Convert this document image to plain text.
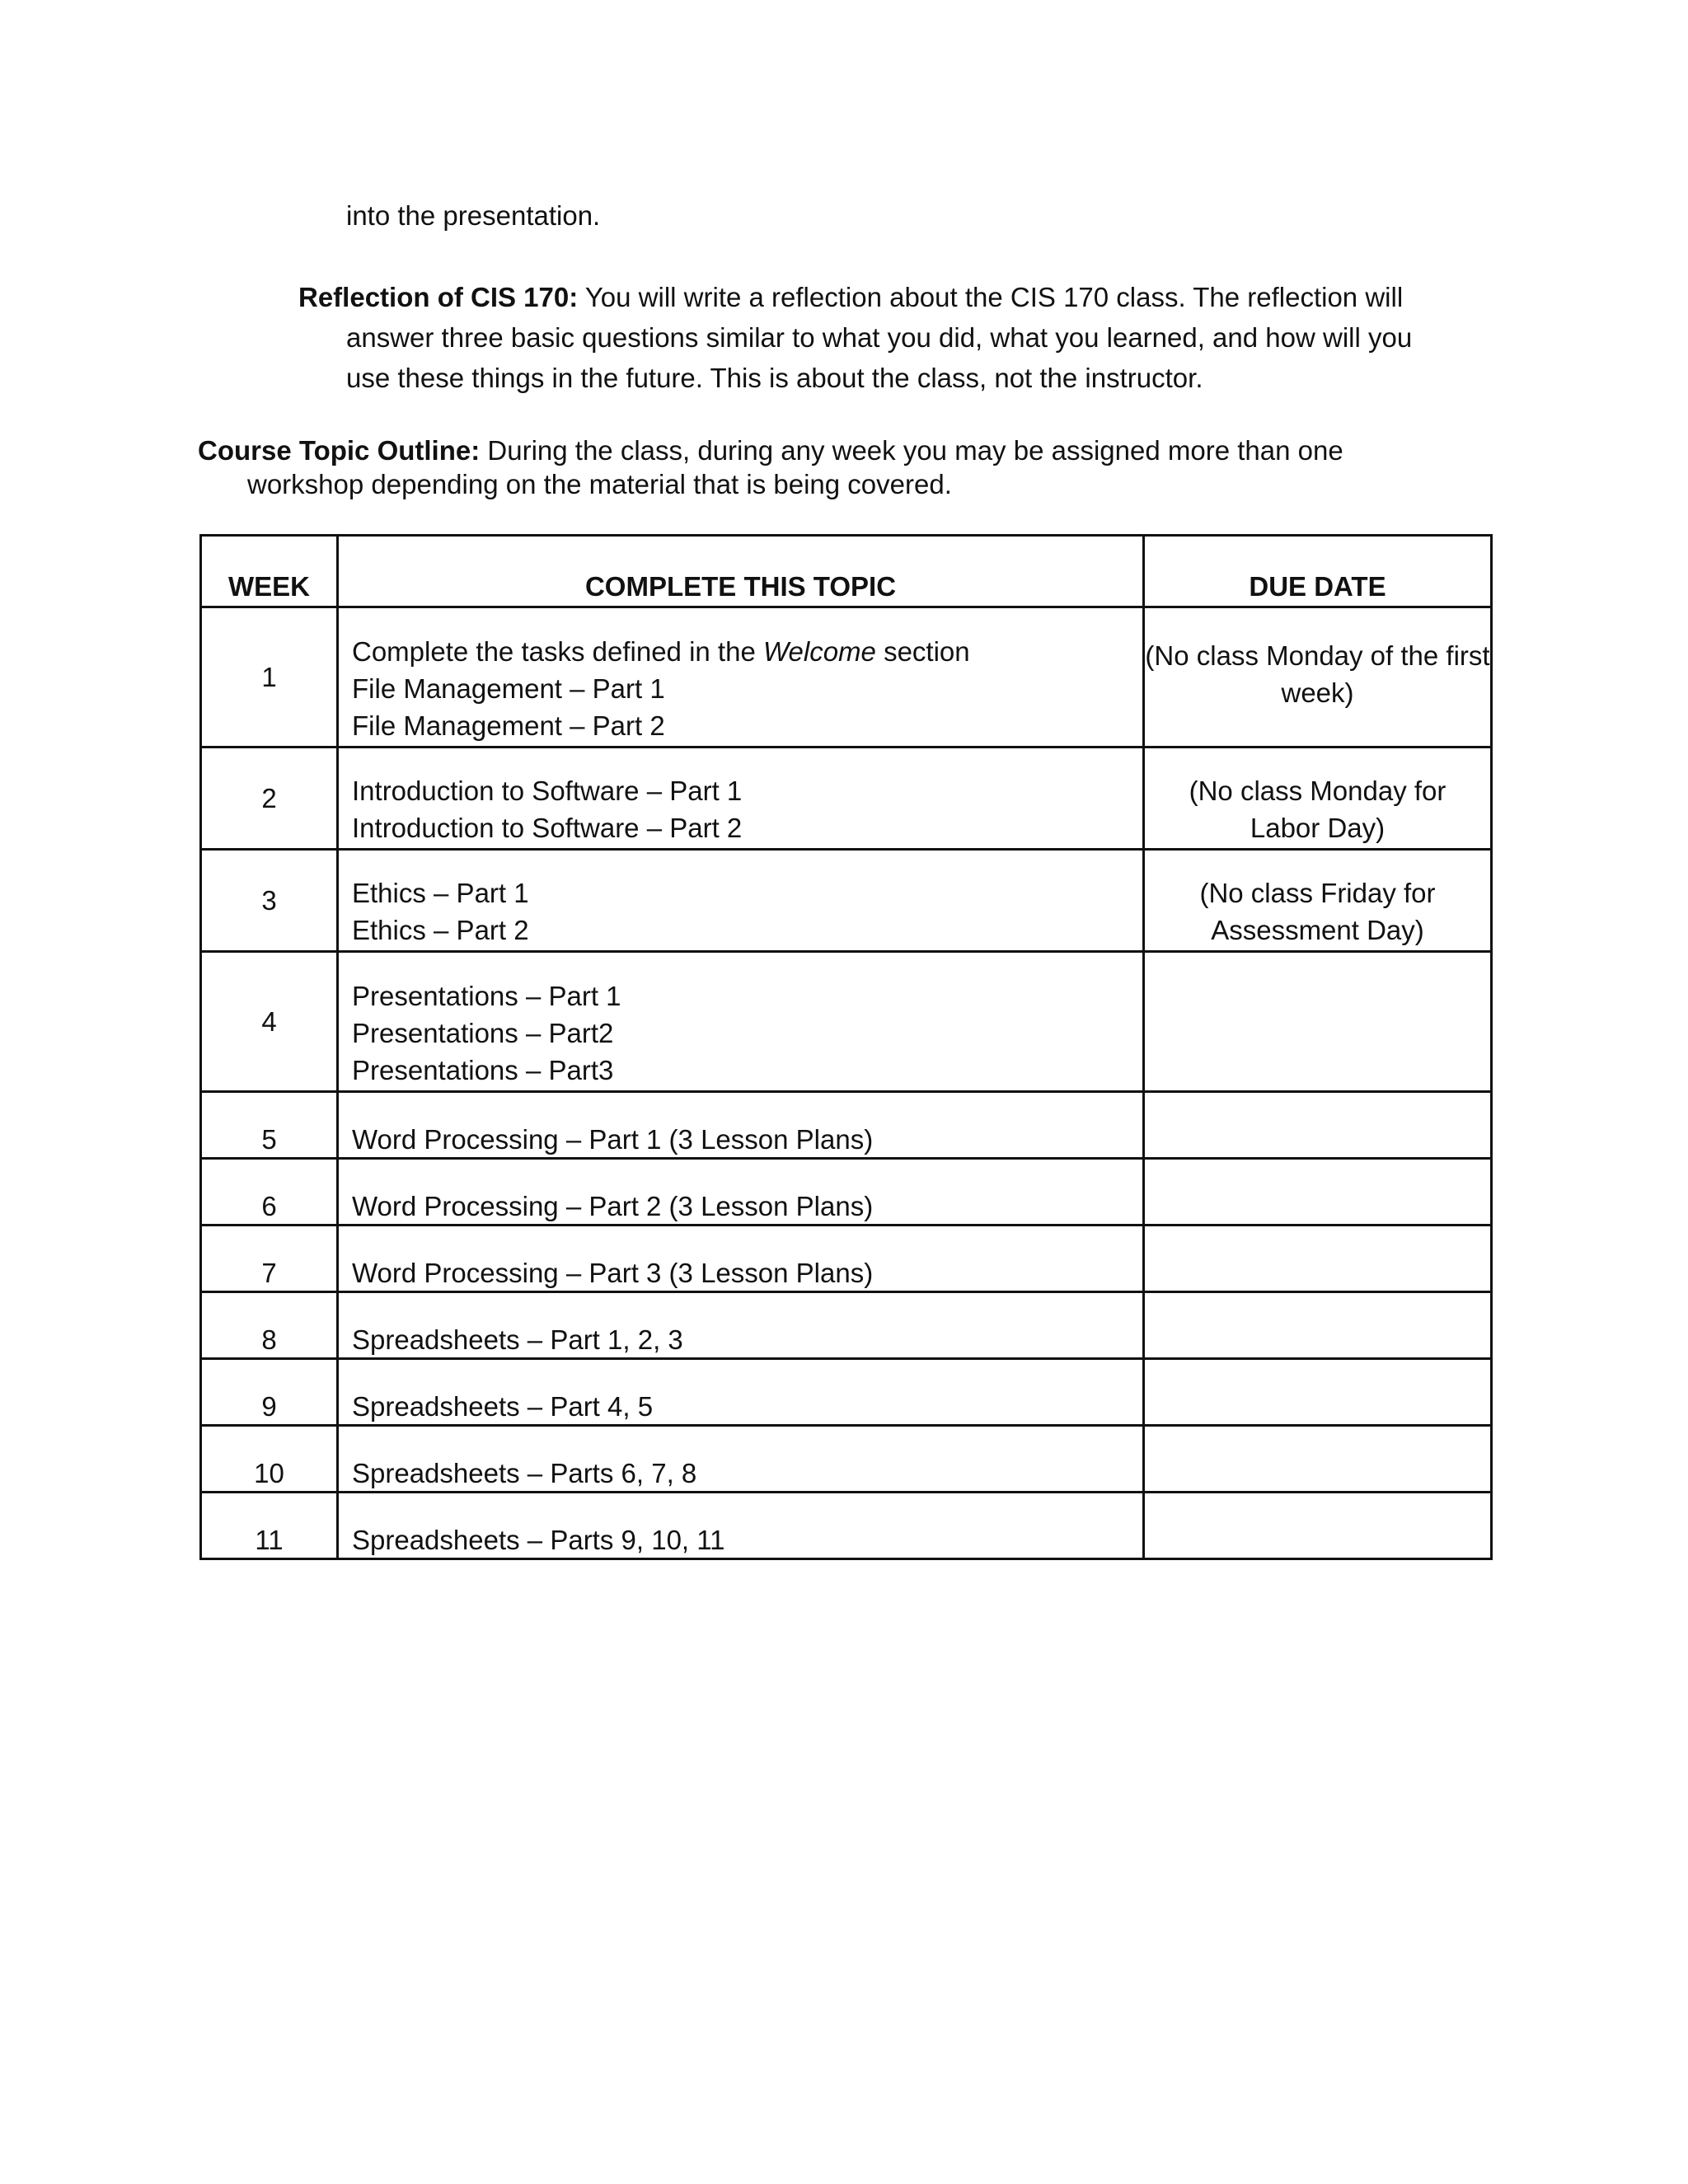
into the presentation.
Reflection of CIS 170: You will write a reflection about the CIS 170 class. The reflection will
answer three basic questions similar to what you did, what you learned, and how will you
use these things in the future. This is about the class, not the instructor.
Course Topic Outline: During the class, during any week you may be assigned more than one
workshop depending on the material that is being covered.
WEEK	COMPLETE THIS TOPIC	DUE DATE
1	Complete the tasks defined in the Welcome section
File Management – Part 1
File Management – Part 2	(No class Monday of the first week)
2	Introduction to Software – Part 1
Introduction to Software – Part 2	(No class Monday for Labor Day)
3	Ethics – Part 1
Ethics – Part 2	(No class Friday for Assessment Day)
4	Presentations – Part 1
Presentations – Part2
Presentations – Part3	

5	Word Processing – Part 1 (3 Lesson Plans)	
6	Word Processing – Part 2 (3 Lesson Plans)	
7	Word Processing – Part 3 (3 Lesson Plans)	
8	Spreadsheets – Part 1, 2, 3	
9	Spreadsheets – Part 4, 5	
10	Spreadsheets – Parts 6, 7, 8	
11	Spreadsheets – Parts 9, 10, 11	
